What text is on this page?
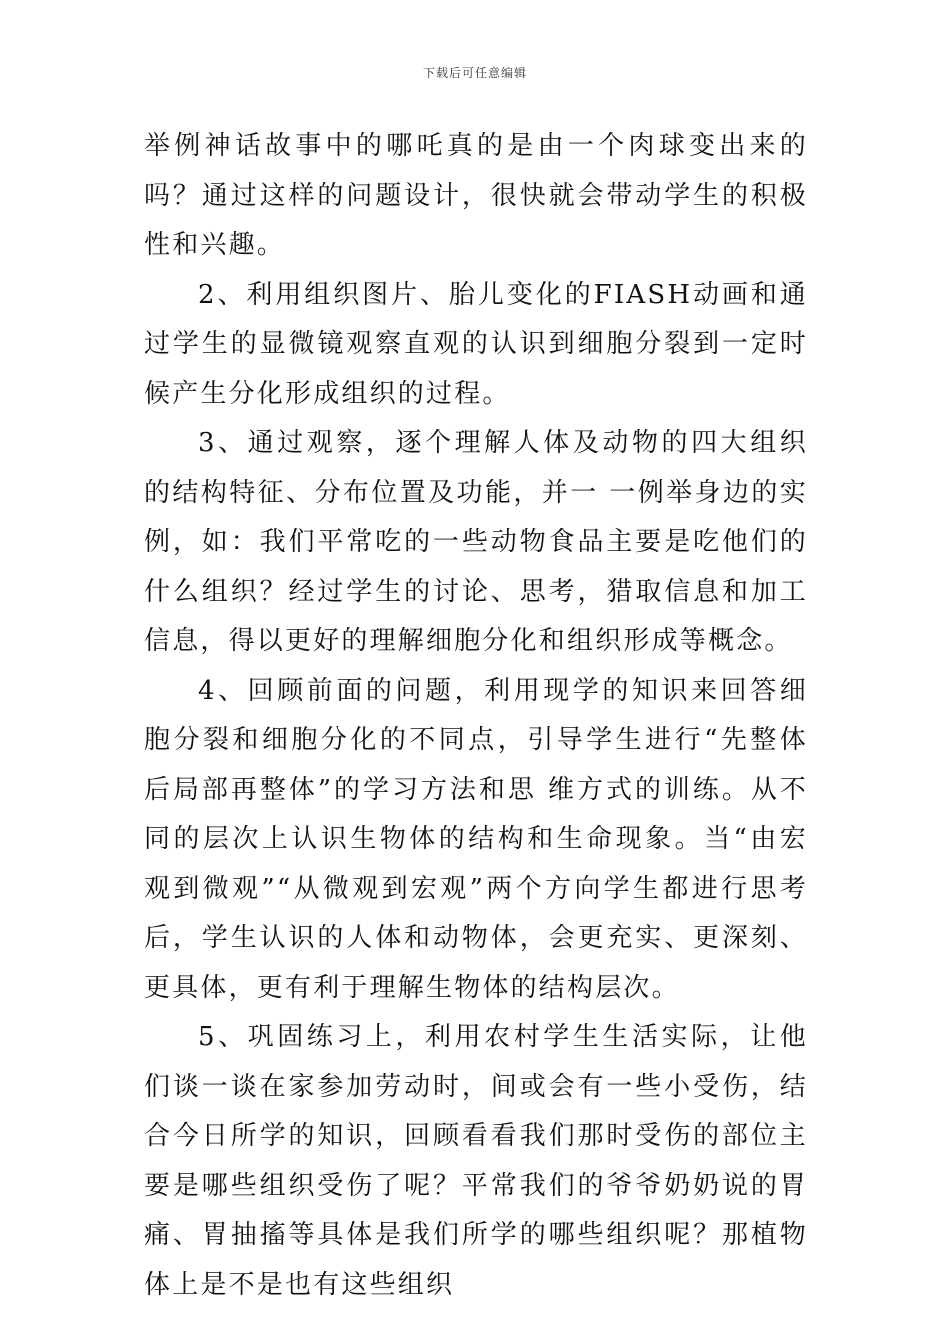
下载后可任意编辑

举例神话故事中的哪吒真的是由一个肉球变出来的吗？通过这样的问题设计，很快就会带动学生的积极性和兴趣。

2、利用组织图片、胎儿变化的FIASH动画和通过学生的显微镜观察直观的认识到细胞分裂到一定时候产生分化形成组织的过程。

3、通过观察，逐个理解人体及动物的四大组织的结构特征、分布位置及功能，并一 一例举身边的实例，如：我们平常吃的一些动物食品主要是吃他们的什么组织？经过学生的讨论、思考，猎取信息和加工信息，得以更好的理解细胞分化和组织形成等概念。

4、回顾前面的问题，利用现学的知识来回答细胞分裂和细胞分化的不同点，引导学生进行“先整体后局部再整体”的学习方法和思 维方式的训练。从不同的层次上认识生物体的结构和生命现象。当“由宏观到微观”“从微观到宏观”两个方向学生都进行思考后，学生认识的人体和动物体，会更充实、更深刻、更具体，更有利于理解生物体的结构层次。

5、巩固练习上，利用农村学生生活实际，让他们谈一谈在家参加劳动时，间或会有一些小受伤，结合今日所学的知识，回顾看看我们那时受伤的部位主要是哪些组织受伤了呢？平常我们的爷爷奶奶说的胃痛、胃抽搐等具体是我们所学的哪些组织呢？那植物体上是不是也有这些组织
